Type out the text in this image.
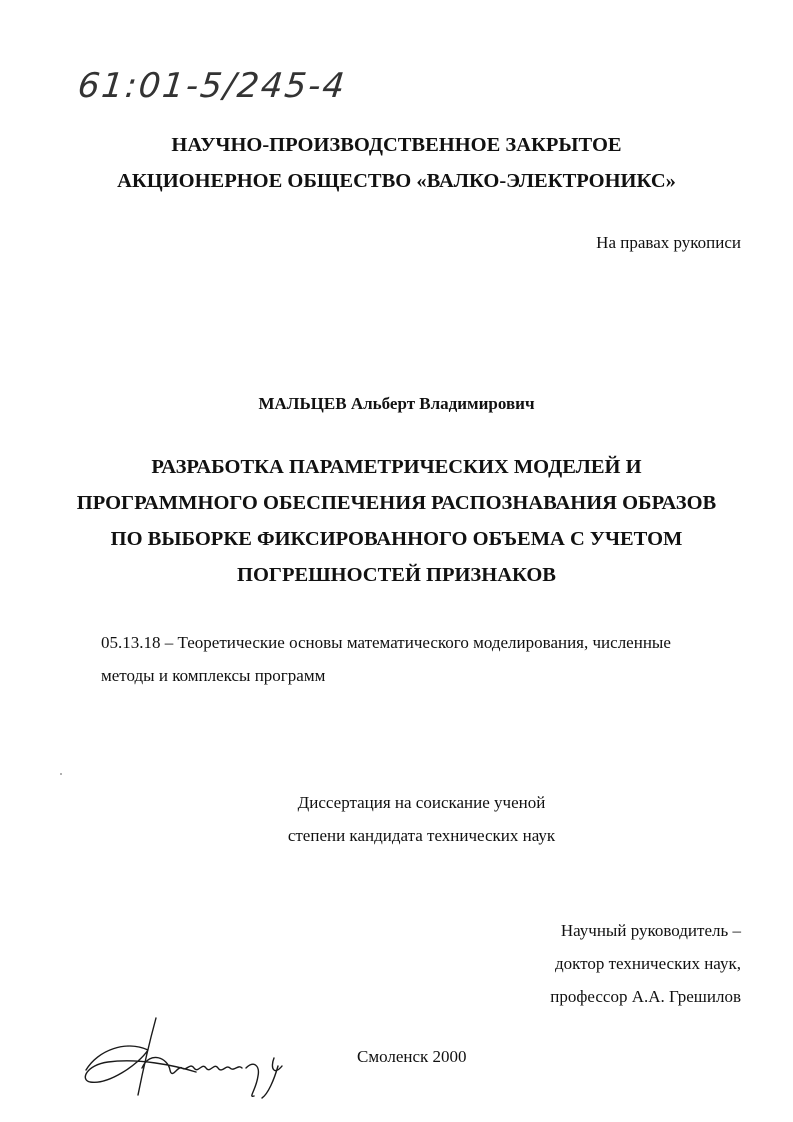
61:01-5/245-4
НАУЧНО-ПРОИЗВОДСТВЕННОЕ ЗАКРЫТОЕ
АКЦИОНЕРНОЕ ОБЩЕСТВО «ВАЛКО-ЭЛЕКТРОНИКС»
На правах рукописи
МАЛЬЦЕВ Альберт Владимирович
РАЗРАБОТКА ПАРАМЕТРИЧЕСКИХ МОДЕЛЕЙ И
ПРОГРАММНОГО ОБЕСПЕЧЕНИЯ РАСПОЗНАВАНИЯ ОБРАЗОВ
ПО ВЫБОРКЕ ФИКСИРОВАННОГО ОБЪЕМА С УЧЕТОМ
ПОГРЕШНОСТЕЙ ПРИЗНАКОВ
05.13.18 – Теоретические основы математического моделирования, численные
методы и комплексы программ
Диссертация на соискание ученой
степени кандидата технических наук
Научный руководитель –
доктор технических наук,
профессор А.А. Грешилов
Смоленск 2000
